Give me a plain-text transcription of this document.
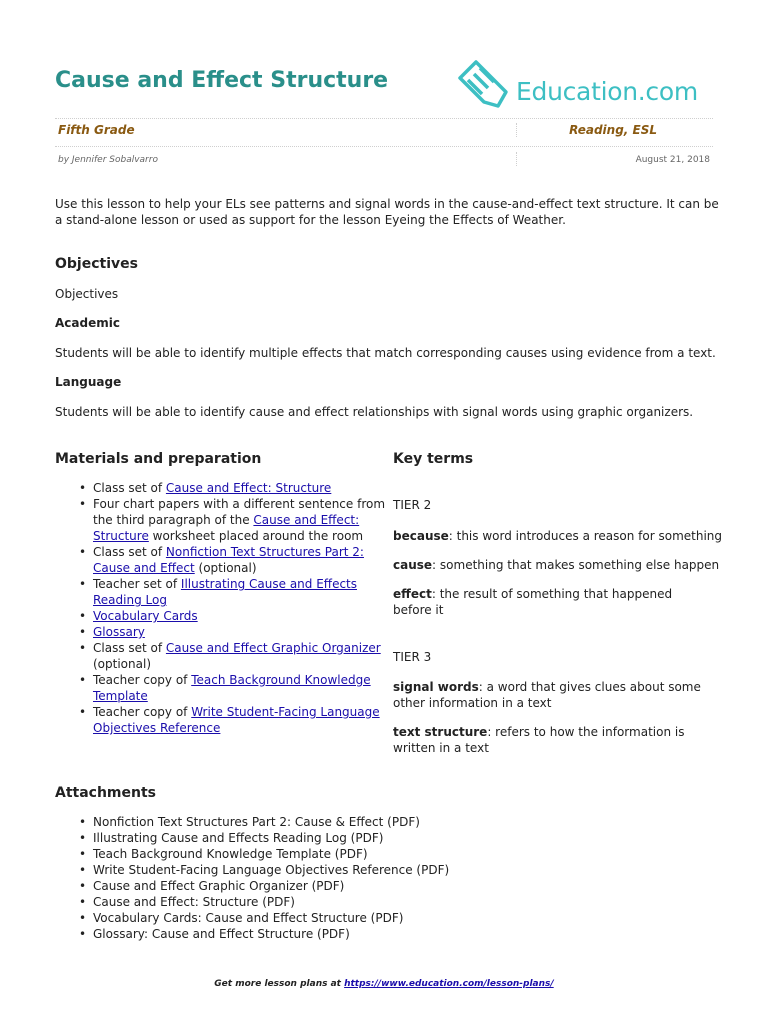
Cause and Effect Structure	Education.com
Fifth Grade	Reading, ESL
by Jennifer Sobalvarro	August 21, 2018

Use this lesson to help your ELs see patterns and signal words in the cause-and-effect text structure. It can be a stand-alone lesson or used as support for the lesson Eyeing the Effects of Weather.

Objectives

Objectives

Academic

Students will be able to identify multiple effects that match corresponding causes using evidence from a text.

Language

Students will be able to identify cause and effect relationships with signal words using graphic organizers.

Materials and preparation
• Class set of Cause and Effect: Structure
• Four chart papers with a different sentence from the third paragraph of the Cause and Effect: Structure worksheet placed around the room
• Class set of Nonfiction Text Structures Part 2: Cause and Effect (optional)
• Teacher set of Illustrating Cause and Effects Reading Log
• Vocabulary Cards
• Glossary
• Class set of Cause and Effect Graphic Organizer (optional)
• Teacher copy of Teach Background Knowledge Template
• Teacher copy of Write Student-Facing Language Objectives Reference
Key terms
TIER 2
because: this word introduces a reason for something
cause: something that makes something else happen
effect: the result of something that happened before it
TIER 3
signal words: a word that gives clues about some other information in a text
text structure: refers to how the information is written in a text
Attachments
• Nonfiction Text Structures Part 2: Cause & Effect (PDF)
• Illustrating Cause and Effects Reading Log (PDF)
• Teach Background Knowledge Template (PDF)
• Write Student-Facing Language Objectives Reference (PDF)
• Cause and Effect Graphic Organizer (PDF)
• Cause and Effect: Structure (PDF)
• Vocabulary Cards: Cause and Effect Structure (PDF)
• Glossary: Cause and Effect Structure (PDF)
Get more lesson plans at https://www.education.com/lesson-plans/
